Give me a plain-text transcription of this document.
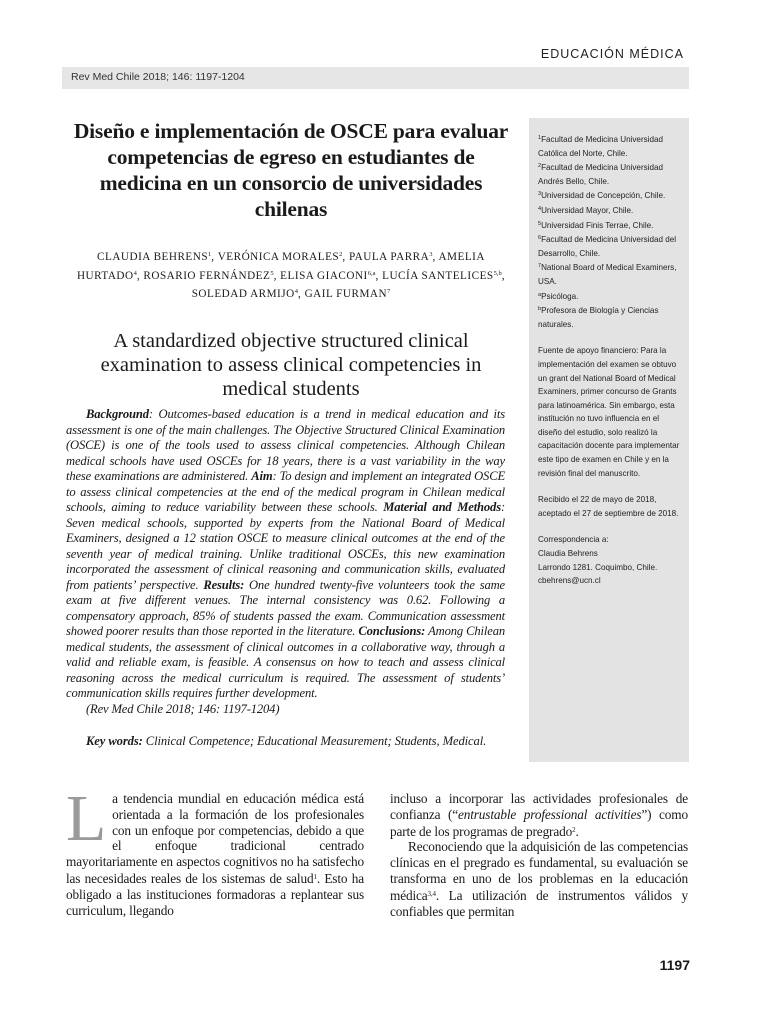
EDUCACIÓN MÉDICA
Rev Med Chile 2018; 146: 1197-1204

$^1$Facultad de Medicina Universidad Católica del Norte, Chile.

$^2$Facultad de Medicina Universidad Andrés Bello, Chile.

$^3$Universidad de Concepción, Chile.

$^4$Universidad Mayor, Chile.

$^5$Universidad Finis Terrae, Chile.

$^6$Facultad de Medicina Universidad del Desarrollo, Chile.

$^7$National Board of Medical Examiners, USA.

$^a$Psicóloga.

$^b$Profesora de Biología y Ciencias naturales.

Fuente de apoyo financiero: Para la implementación del examen se obtuvo un grant del National Board of Medical Examiners, primer concurso de Grants para latinoamérica. Sin embargo, esta institución no tuvo influencia en el diseño del estudio, solo realizó la capacitación docente para implementar este tipo de examen en Chile y en la revisión final del manuscrito.

Recibido el 22 de mayo de 2018, aceptado el 27 de septiembre de 2018.

Correspondencia a:

Claudia Behrens

Larrondo 1281. Coquimbo, Chile.

cbehrens@ucn.cl

Diseño e implementación de OSCE para evaluar competencias de egreso en estudiantes de medicina en un consorcio de universidades chilenas

CLAUDIA BEHRENS$^1$, VERÓNICA MORALES$^2$, PAULA PARRA$^3$, AMELIA HURTADO$^4$, ROSARIO FERNÁNDEZ$^5$, ELISA GIACONI$^{6,a}$, LUCÍA SANTELICES$^{5,b}$, SOLEDAD ARMIJO$^4$, GAIL FURMAN$^7$

A standardized objective structured clinical examination to assess clinical competencies in medical students

Background: Outcomes-based education is a trend in medical education and its assessment is one of the main challenges. The Objective Structured Clinical Examination (OSCE) is one of the tools used to assess clinical competencies. Although Chilean medical schools have used OSCEs for 18 years, there is a vast variability in the way these examinations are administered. Aim: To design and implement an integrated OSCE to assess clinical competencies at the end of the medical program in Chilean medical schools, aiming to reduce variability between these schools. Material and Methods: Seven medical schools, supported by experts from the National Board of Medical Examiners, designed a 12 station OSCE to measure clinical outcomes at the end of the seventh year of medical training. Unlike traditional OSCEs, this new examination incorporated the assessment of clinical reasoning and communication skills, evaluated from patients’ perspective. Results: One hundred twenty-five volunteers took the same exam at five different venues. The internal consistency was 0.62. Following a compensatory approach, 85% of students passed the exam. Communication assessment showed poorer results than those reported in the literature. Conclusions: Among Chilean medical students, the assessment of clinical outcomes in a collaborative way, through a valid and reliable exam, is feasible. A consensus on how to teach and assess clinical reasoning across the medical curriculum is required. The assessment of students’ communication skills requires further development.
(Rev Med Chile 2018; 146: 1197-1204)

Key words: Clinical Competence; Educational Measurement; Students, Medical.

L a tendencia mundial en educación médica está orientada a la formación de los profesionales con un enfoque por competencias, debido a que el enfoque tradicional centrado mayoritariamente en aspectos cognitivos no ha satisfecho las necesidades reales de los sistemas de salud$^1$. Esto ha obligado a las instituciones formadoras a replantear sus curriculum, llegando

incluso a incorporar las actividades profesionales de confianza (“entrustable professional activities”) como parte de los programas de pregrado$^2$.

Reconociendo que la adquisición de las competencias clínicas en el pregrado es fundamental, su evaluación se transforma en uno de los problemas en la educación médica$^{3,4}$. La utilización de instrumentos válidos y confiables que permitan

1197
